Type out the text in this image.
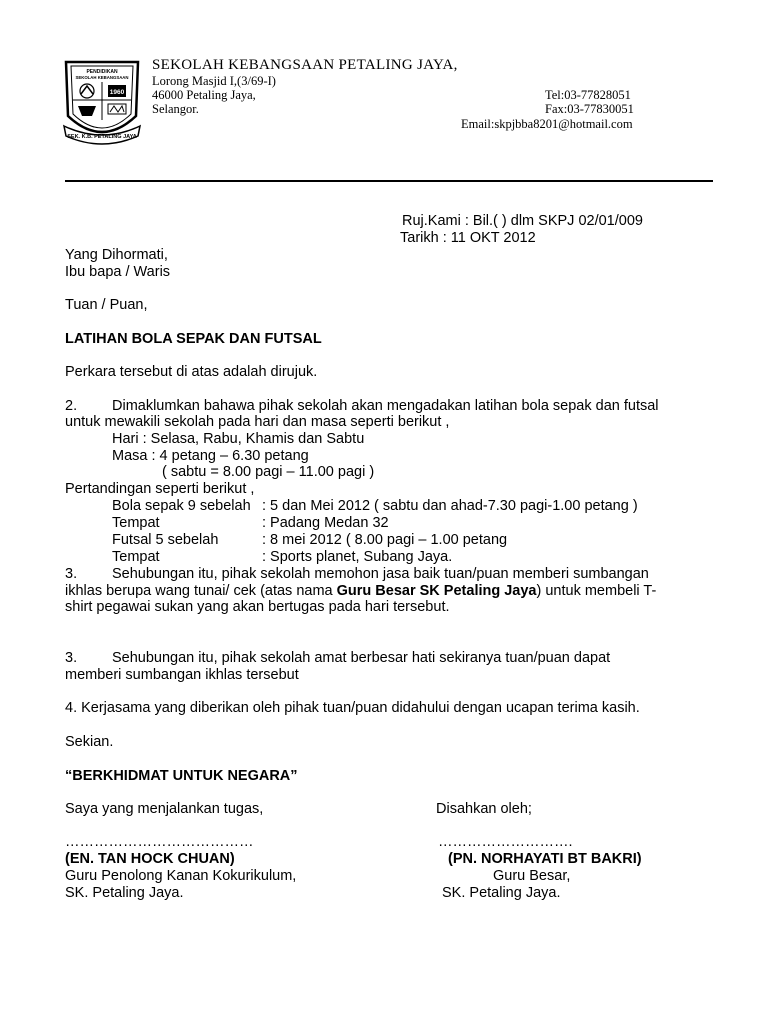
PENDIDIKAN
SEKOLAH KEBANGSAAN
1960
SEK. K.B. PETALING JAYA
SEKOLAH KEBANGSAAN PETALING JAYA,
Lorong Masjid I,(3/69-I)
46000 Petaling Jaya,
Selangor.
Tel:03-77828051
Fax:03-77830051
Email:skpjbba8201@hotmail.com
Ruj.Kami : Bil.( ) dlm SKPJ 02/01/009
Tarikh : 11 OKT 2012
Yang Dihormati,
Ibu bapa / Waris
Tuan / Puan,
LATIHAN BOLA SEPAK DAN FUTSAL
Perkara tersebut di atas adalah dirujuk.
2. Dimaklumkan bahawa pihak sekolah akan mengadakan latihan bola sepak dan futsal
untuk mewakili sekolah pada hari dan masa seperti berikut ,
Hari : Selasa, Rabu, Khamis dan Sabtu
Masa : 4 petang – 6.30 petang
( sabtu = 8.00 pagi – 11.00 pagi )
Pertandingan seperti berikut ,
Bola sepak 9 sebelah : 5 dan Mei 2012 ( sabtu dan ahad-7.30 pagi-1.00 petang )
Tempat	: Padang Medan 32
Futsal 5 sebelah	: 8 mei 2012 ( 8.00 pagi – 1.00 petang
Tempat	: Sports planet, Subang Jaya.
3. Sehubungan itu, pihak sekolah memohon jasa baik tuan/puan memberi sumbangan
ikhlas berupa wang tunai/ cek (atas nama Guru Besar SK Petaling Jaya) untuk membeli T-
shirt pegawai sukan yang akan bertugas pada hari tersebut.
3. Sehubungan itu, pihak sekolah amat berbesar hati sekiranya tuan/puan dapat
memberi sumbangan ikhlas tersebut
4. Kerjasama yang diberikan oleh pihak tuan/puan didahului dengan ucapan terima kasih.
Sekian.
“BERKHIDMAT UNTUK NEGARA”
Saya yang menjalankan tugas,	Disahkan oleh;
…………………………………	……………………….
(EN. TAN HOCK CHUAN)	(PN. NORHAYATI BT BAKRI)
Guru Penolong Kanan Kokurikulum,	Guru Besar,
SK. Petaling Jaya.	SK. Petaling Jaya.
